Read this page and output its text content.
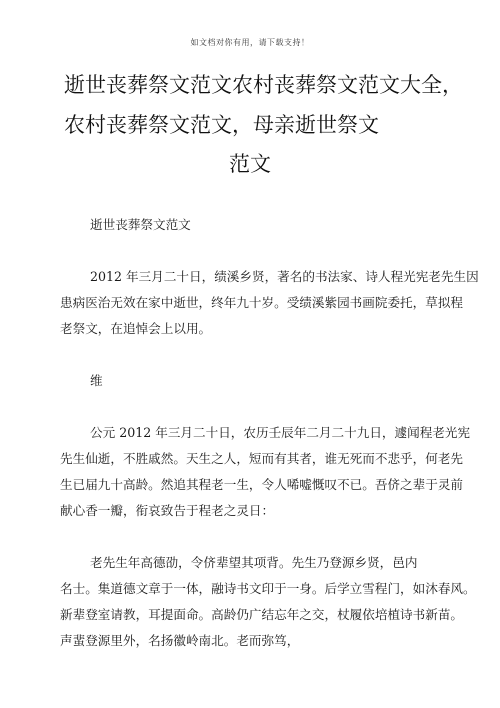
如文档对你有用，请下载支持！
逝世丧葬祭文范文农村丧葬祭文范文大全，
农村丧葬祭文范文，母亲逝世祭文
范文
逝世丧葬祭文范文
2012 年三月二十日，绩溪乡贤，著名的书法家、诗人程光宪老先生因
患病医治无效在家中逝世，终年九十岁。受绩溪紫园书画院委托，草拟程
老祭文，在追悼会上以用。
维
公元 2012 年三月二十日，农历壬辰年二月二十九日，遽闻程老光宪
先生仙逝，不胜戚然。天生之人，短而有其者，谁无死而不悲乎，何老先
生已届九十高龄。然追其程老一生，令人唏嘘慨叹不已。吾侪之辈于灵前
献心香一瓣，衔哀致告于程老之灵日：
老先生年高德劭，令侪辈望其项背。先生乃登源乡贤，邑内
名士。集道德文章于一体，融诗书文印于一身。后学立雪程门，如沐春风。
新辈登室请教，耳提面命。高龄仍广结忘年之交，杖履依培植诗书新苗。
声蜚登源里外，名扬徽岭南北。老而弥笃，
